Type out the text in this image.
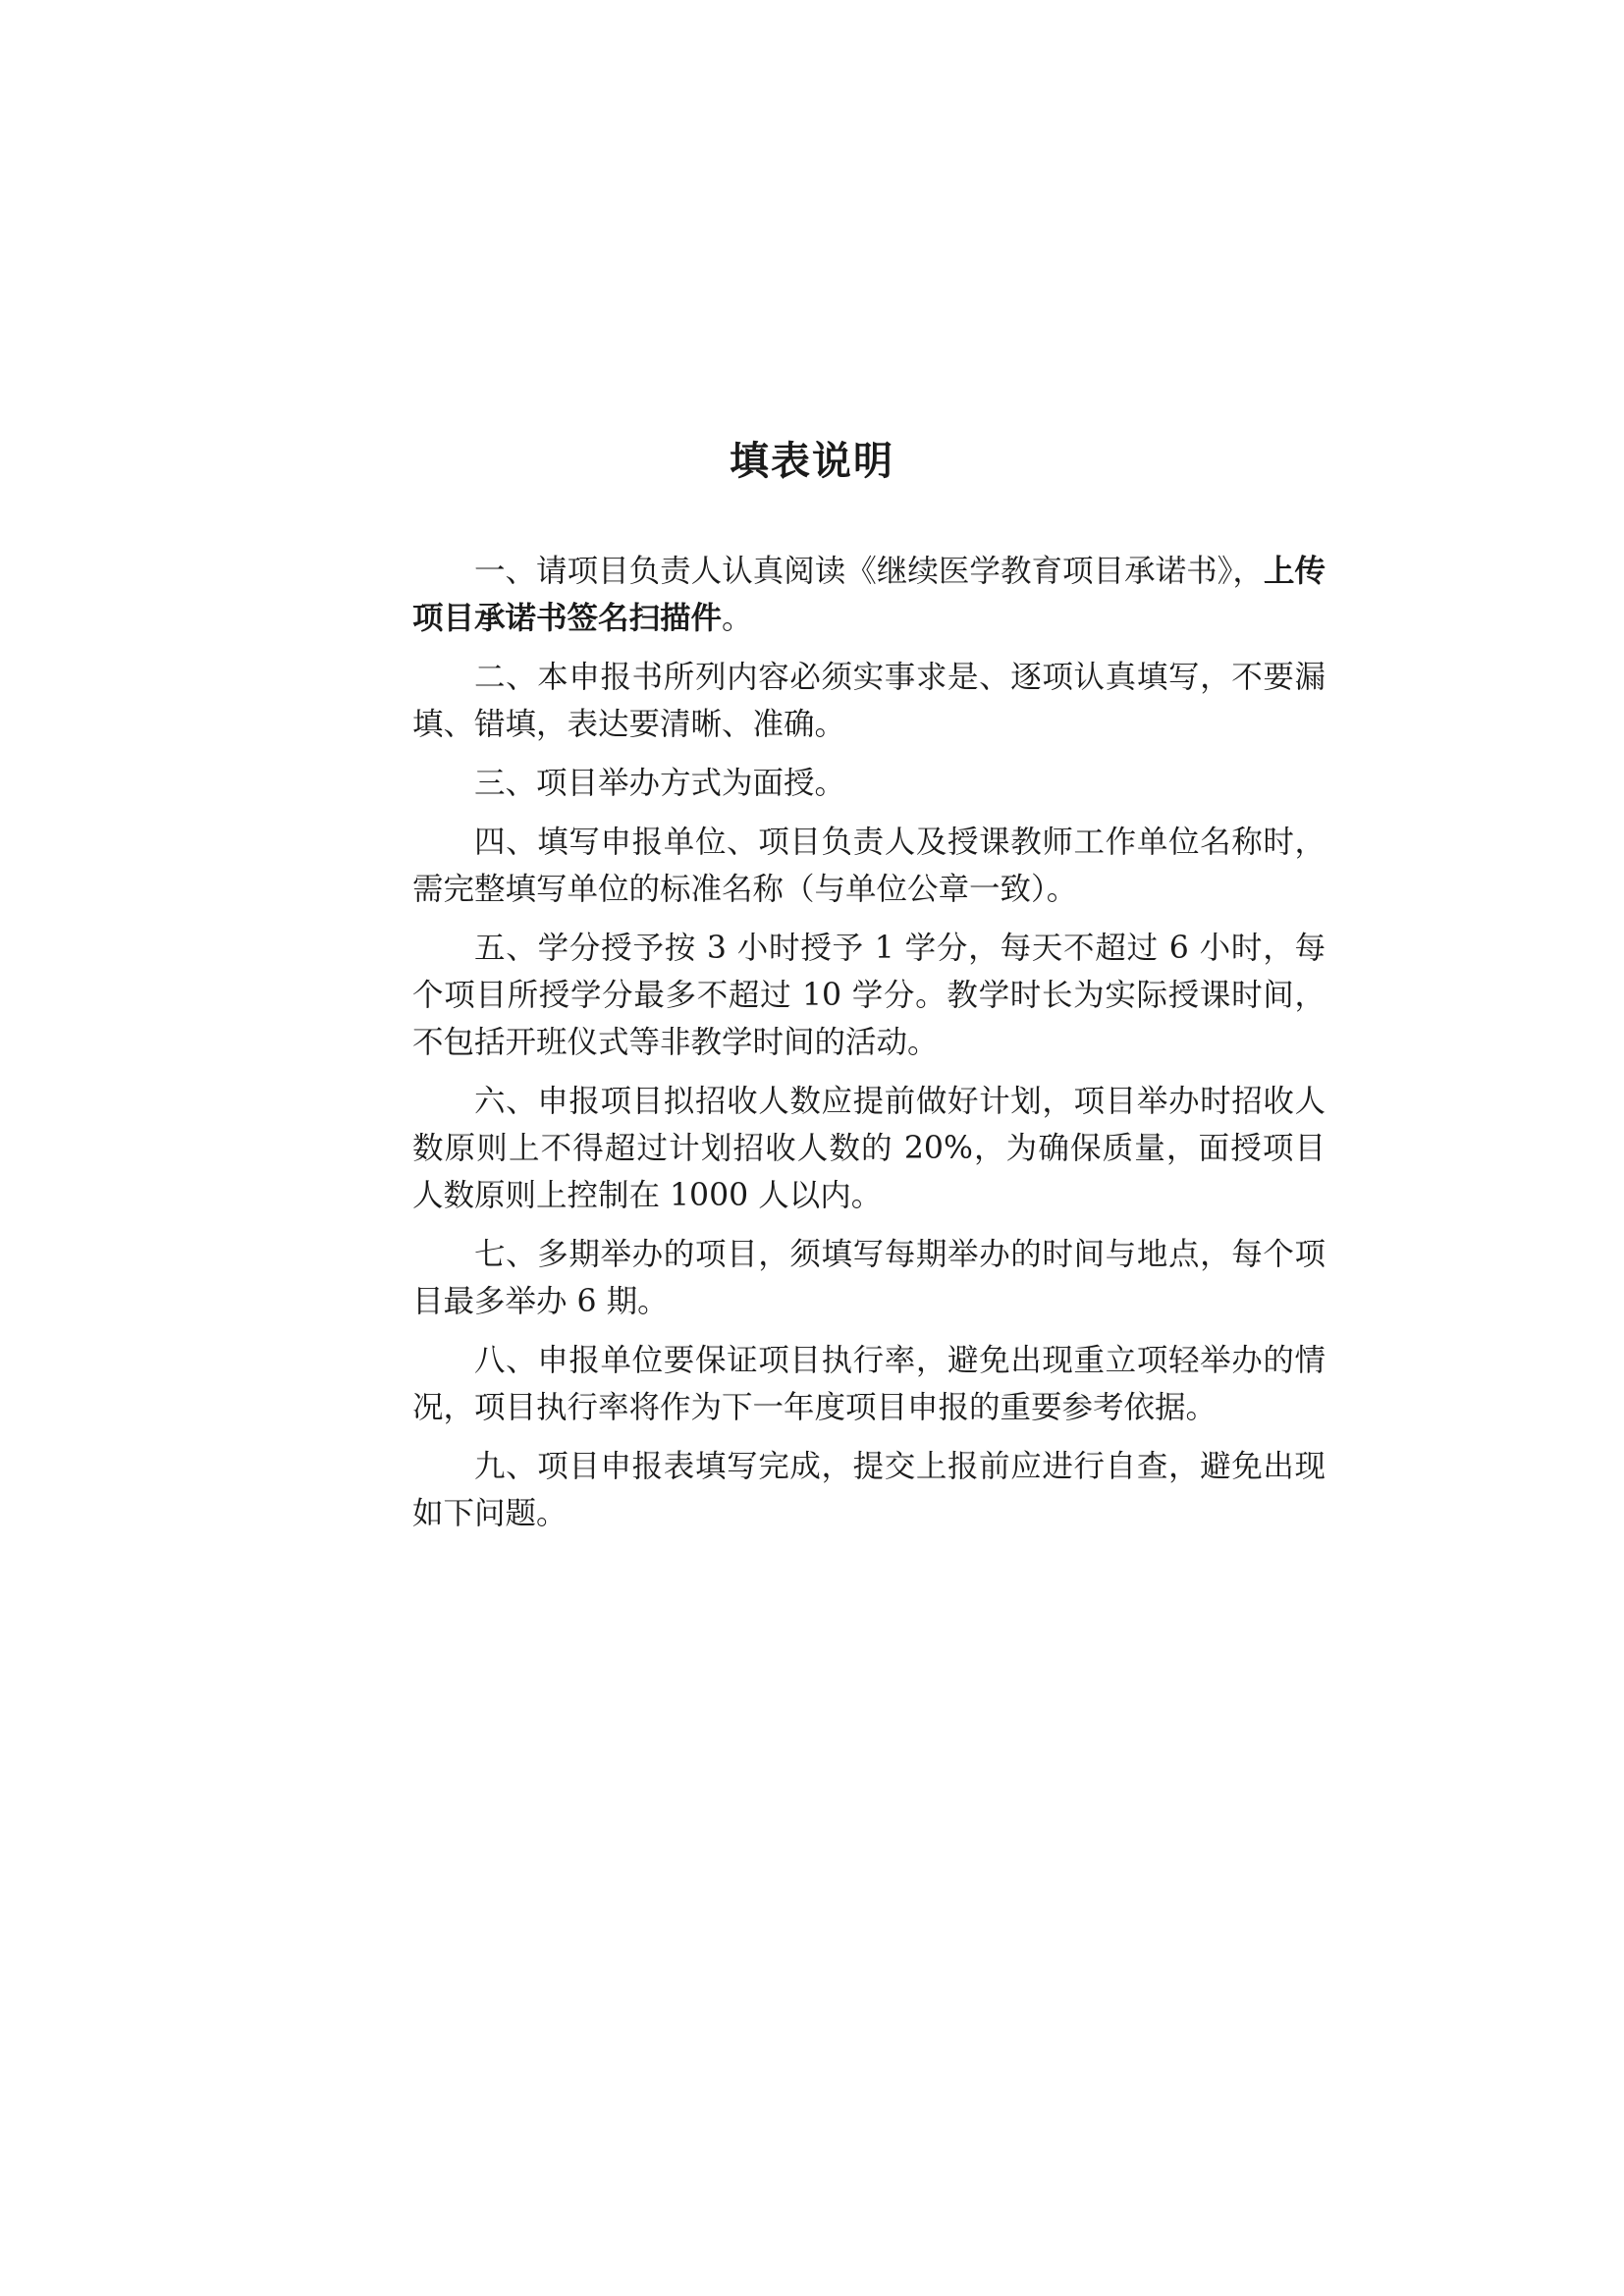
填表说明

一、请项目负责人认真阅读《继续医学教育项目承诺书》，上传项目承诺书签名扫描件。

二、本申报书所列内容必须实事求是、逐项认真填写，不要漏填、错填，表达要清晰、准确。

三、项目举办方式为面授。

四、填写申报单位、项目负责人及授课教师工作单位名称时，需完整填写单位的标准名称（与单位公章一致）。

五、学分授予按 3 小时授予 1 学分，每天不超过 6 小时，每个项目所授学分最多不超过 10 学分。教学时长为实际授课时间，不包括开班仪式等非教学时间的活动。

六、申报项目拟招收人数应提前做好计划，项目举办时招收人数原则上不得超过计划招收人数的 20%，为确保质量，面授项目人数原则上控制在 1000 人以内。

七、多期举办的项目，须填写每期举办的时间与地点，每个项目最多举办 6 期。

八、申报单位要保证项目执行率，避免出现重立项轻举办的情况，项目执行率将作为下一年度项目申报的重要参考依据。

九、项目申报表填写完成，提交上报前应进行自查，避免出现如下问题。
